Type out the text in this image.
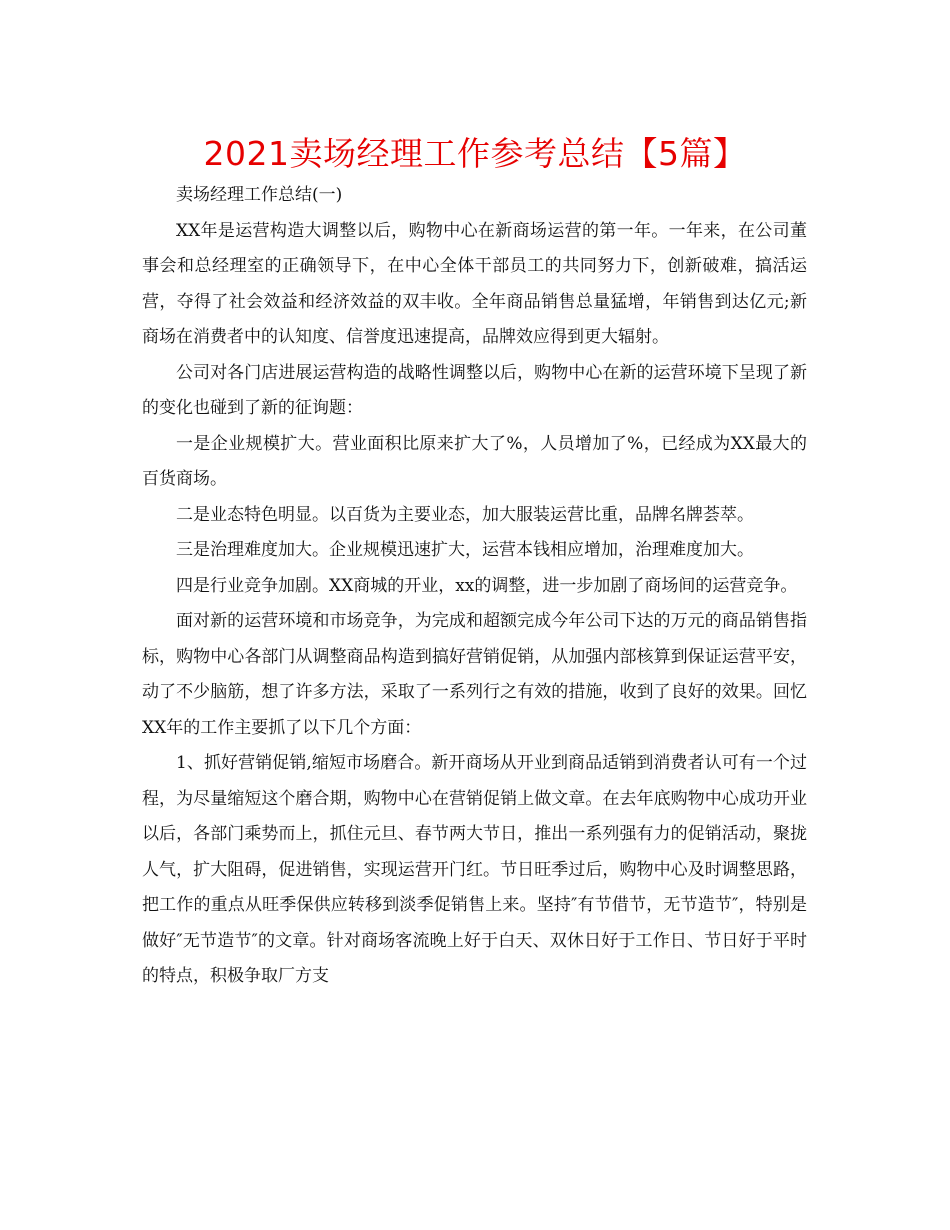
2021卖场经理工作参考总结【5篇】

卖场经理工作总结(一)

XX年是运营构造大调整以后，购物中心在新商场运营的第一年。一年来，在公司董事会和总经理室的正确领导下，在中心全体干部员工的共同努力下，创新破难，搞活运营，夺得了社会效益和经济效益的双丰收。全年商品销售总量猛增，年销售到达亿元;新商场在消费者中的认知度、信誉度迅速提高，品牌效应得到更大辐射。

公司对各门店进展运营构造的战略性调整以后，购物中心在新的运营环境下呈现了新的变化也碰到了新的征询题：

一是企业规模扩大。营业面积比原来扩大了%，人员增加了%，已经成为XX最大的百货商场。

二是业态特色明显。以百货为主要业态，加大服装运营比重，品牌名牌荟萃。

三是治理难度加大。企业规模迅速扩大，运营本钱相应增加，治理难度加大。

四是行业竞争加剧。XX商城的开业，xx的调整，进一步加剧了商场间的运营竞争。

面对新的运营环境和市场竞争，为完成和超额完成今年公司下达的万元的商品销售指标，购物中心各部门从调整商品构造到搞好营销促销，从加强内部核算到保证运营平安，动了不少脑筋，想了许多方法，采取了一系列行之有效的措施，收到了良好的效果。回忆XX年的工作主要抓了以下几个方面：

1、抓好营销促销,缩短市场磨合。新开商场从开业到商品适销到消费者认可有一个过程，为尽量缩短这个磨合期，购物中心在营销促销上做文章。在去年底购物中心成功开业以后，各部门乘势而上，抓住元旦、春节两大节日，推出一系列强有力的促销活动，聚拢人气，扩大阻碍，促进销售，实现运营开门红。节日旺季过后，购物中心及时调整思路，把工作的重点从旺季保供应转移到淡季促销售上来。坚持″有节借节，无节造节″，特别是做好″无节造节″的文章。针对商场客流晚上好于白天、双休日好于工作日、节日好于平时的特点，积极争取厂方支
